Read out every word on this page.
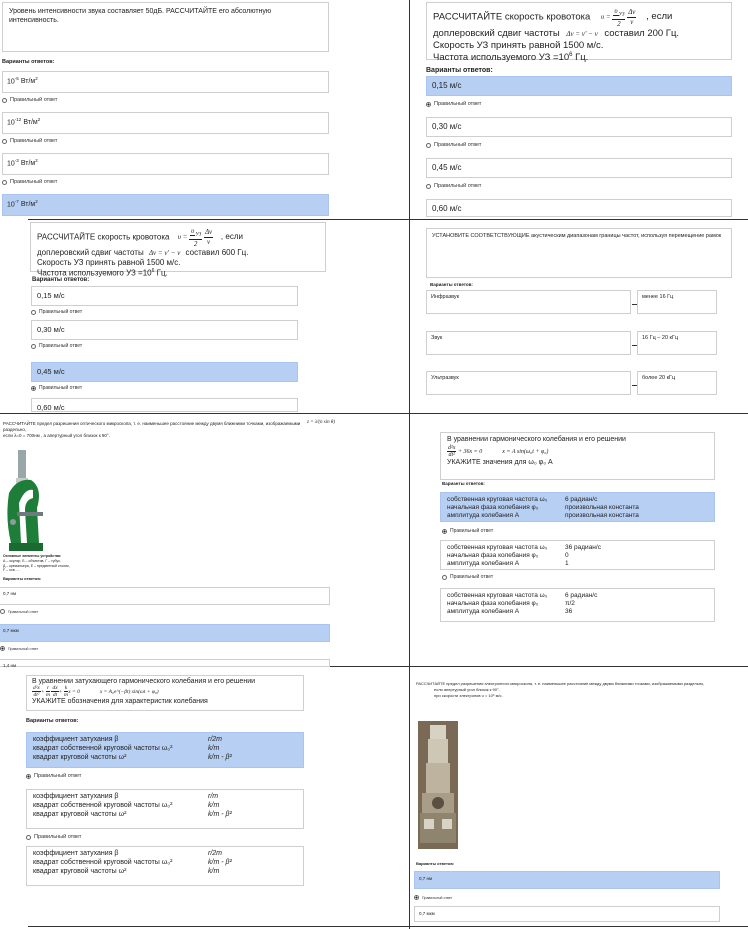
Уровень интенсивности звука составляет 50дБ. РАССЧИТАЙТЕ его абсолютную интенсивность.
Варианты ответов:
$10^{-5}$ $Вт/м^2$
Правильный ответ
$10^{-12}$ $Вт/м^2$
Правильный ответ
$10^{-3}$ $Вт/м^2$
Правильный ответ
$10^{-7}$ $Вт/м^2$
РАССЧИТАЙТЕ скорость кровотока $\upsilon = \frac{\upsilon_{УЗ}}{2}$
$\frac{\Delta\nu}{\nu}$ , если
доплеровский сдвиг частоты Δν = ν' − ν составил 200 Гц.
Скорость УЗ принять равной 1500 м/с.
Частота используемого УЗ $=10^6$ Гц.
Варианты ответов:
0,15 м/с
Правильный ответ
0,30 м/с
Правильный ответ
0,45 м/с
Правильный ответ
0,60 м/с
РАССЧИТАЙТЕ скорость кровотока $\upsilon = \frac{\upsilon_{УЗ}}{2}$
$\frac{\Delta\nu}{\nu}$ , если
доплеровский сдвиг частоты Δν = ν' − ν составил 600 Гц.
Скорость УЗ принять равной 1500 м/с.
Частота используемого УЗ $=10^6$ Гц.
Варианты ответов:
0,15 м/с
Правильный ответ
0,30 м/с
Правильный ответ
0,45 м/с
Правильный ответ
0,60 м/с
УСТАНОВИТЕ СООТВЕТСТВУЮЩИЕ акустическим диапазонам границы частот, используя перемещение рамок
Варианты ответов:
Инфразвук	менее 16 Гц
Звук	16 Гц – 20 кГц
Ультразвук	более 20 кГц
РАССЧИТАЙТЕ предел разрешения оптического микроскопа, т. е. наименьшее расстояние между двумя ближними точками, изображаемыми раздельно,
если λ=0 = 700нм , а апертурный угол близок к 90°.
z = λ/(n sin θ)
Основные элементы устройства:
А – окуляр, Б – объектив, Г – тубус,
Д – кремальера, Е – предметный столик,
F – осв ....
Варианты ответов:
0,7 нм
Правильный ответ
0,7 мкм
Правильный ответ
1,4 нм
В уравнении гармонического колебания и его решении
$\frac{\text{d²x}}{\text{dt²}} + 36x = 0$	x = A sin(ω₀t + φ₀)
УКАЖИТЕ значения для ω₀ φ₀ A
Варианты ответов:
собственная круговая частота ω₀	6 радиан/с
начальная фаза колебания φ₀	произвольная константа
амплитуда колебания A	произвольная константа
Правильный ответ
собственная круговая частота ω₀	36 радиан/с
начальная фаза колебания φ₀	0
амплитуда колебания A	1
Правильный ответ
собственная круговая частота ω₀	6 радиан/с
начальная фаза колебания φ₀	π/2
амплитуда колебания A	36
В уравнении затухающего гармонического колебания и его решении
$\frac{\text{d²x}}{\text{dt²}} + \frac{r}{m}$
$\frac{dx}{dt} + \frac{k}{m}$ x = 0	x = A₀e^(−βt) sin(ωt + φ₀)
УКАЖИТЕ обозначения для характеристик колебания
Варианты ответов:
коэффициент затухания β	r/2m
квадрат собственной круговой частоты ω₀²	k/m
квадрат круговой частоты ω²	k/m - β²
Правильный ответ
коэффициент затухания β	r/m
квадрат собственной круговой частоты ω₀²	k/m
квадрат круговой частоты ω²	k/m - β²
Правильный ответ
коэффициент затухания β	r/2m
квадрат собственной круговой частоты ω₀²	k/m - β²
квадрат круговой частоты ω²	k/m
РАССЧИТАЙТЕ предел разрешения электронного микроскопа, т. е. наименьшее расстояние между двумя ближними точками, изображаемыми раздельно,
если апертурный угол близок к 90°,
при скорости электронов υ = 10⁶ м/с.
Варианты ответов:
0,7 нм
Правильный ответ
0,7 мкм
